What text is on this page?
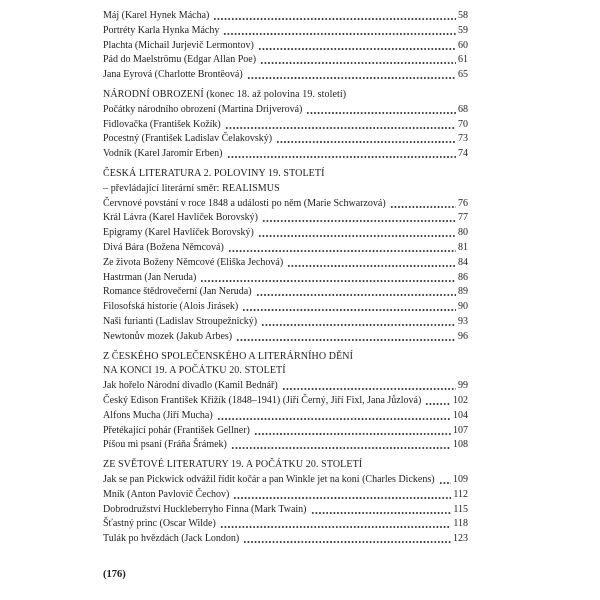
Máj (Karel Hynek Mácha)	58
Portréty Karla Hynka Máchy	59
Plachta (Michail Jurjevič Lermontov)	60
Pád do Maelströmu (Edgar Allan Poe)	61
Jana Eyrová (Charlotte Brontëová)	65
NÁRODNÍ OBROZENÍ (konec 18. až polovina 19. století)
Počátky národního obrození (Martina Drijverová)	68
Fidlovačka (František Kožík)	70
Pocestný (František Ladislav Čelakovský)	73
Vodník (Karel Jaromír Erben)	74
ČESKÁ LITERATURA 2. POLOVINY 19. STOLETÍ
– převládající literární směr: REALISMUS
Červnové povstání v roce 1848 a události po něm (Marie Schwarzová)	76
Král Lávra (Karel Havlíček Borovský)	77
Epigramy (Karel Havlíček Borovský)	80
Divá Bára (Božena Němcová)	81
Ze života Boženy Němcové (Eliška Jechová)	84
Hastrman (Jan Neruda)	86
Romance štědrovečerní (Jan Neruda)	89
Filosofská historie (Alois Jirásek)	90
Naši furianti (Ladislav Stroupežnický)	93
Newtonův mozek (Jakub Arbes)	96
Z ČESKÉHO SPOLEČENSKÉHO A LITERÁRNÍHO DĚNÍ
NA KONCI 19. A POČÁTKU 20. STOLETÍ
Jak hořelo Národní divadlo (Kamil Bednář)	99
Český Edison František Křižík (1848–1941) (Jiří Černý, Jiří Fixl, Jana Jůzlová)	102
Alfons Mucha (Jiří Mucha)	104
Přetékající pohár (František Gellner)	107
Píšou mi psaní (Fráňa Šrámek)	108
ZE SVĚTOVÉ LITERATURY 19. A POČÁTKU 20. STOLETÍ
Jak se pan Pickwick odvážil řídit kočár a pan Winkle jet na koni (Charles Dickens) 109
Mník (Anton Pavlovič Čechov)	112
Dobrodružství Huckleberryho Finna (Mark Twain)	115
Šťastný princ (Oscar Wilde)	118
Tulák po hvězdách (Jack London)	123
(176)
